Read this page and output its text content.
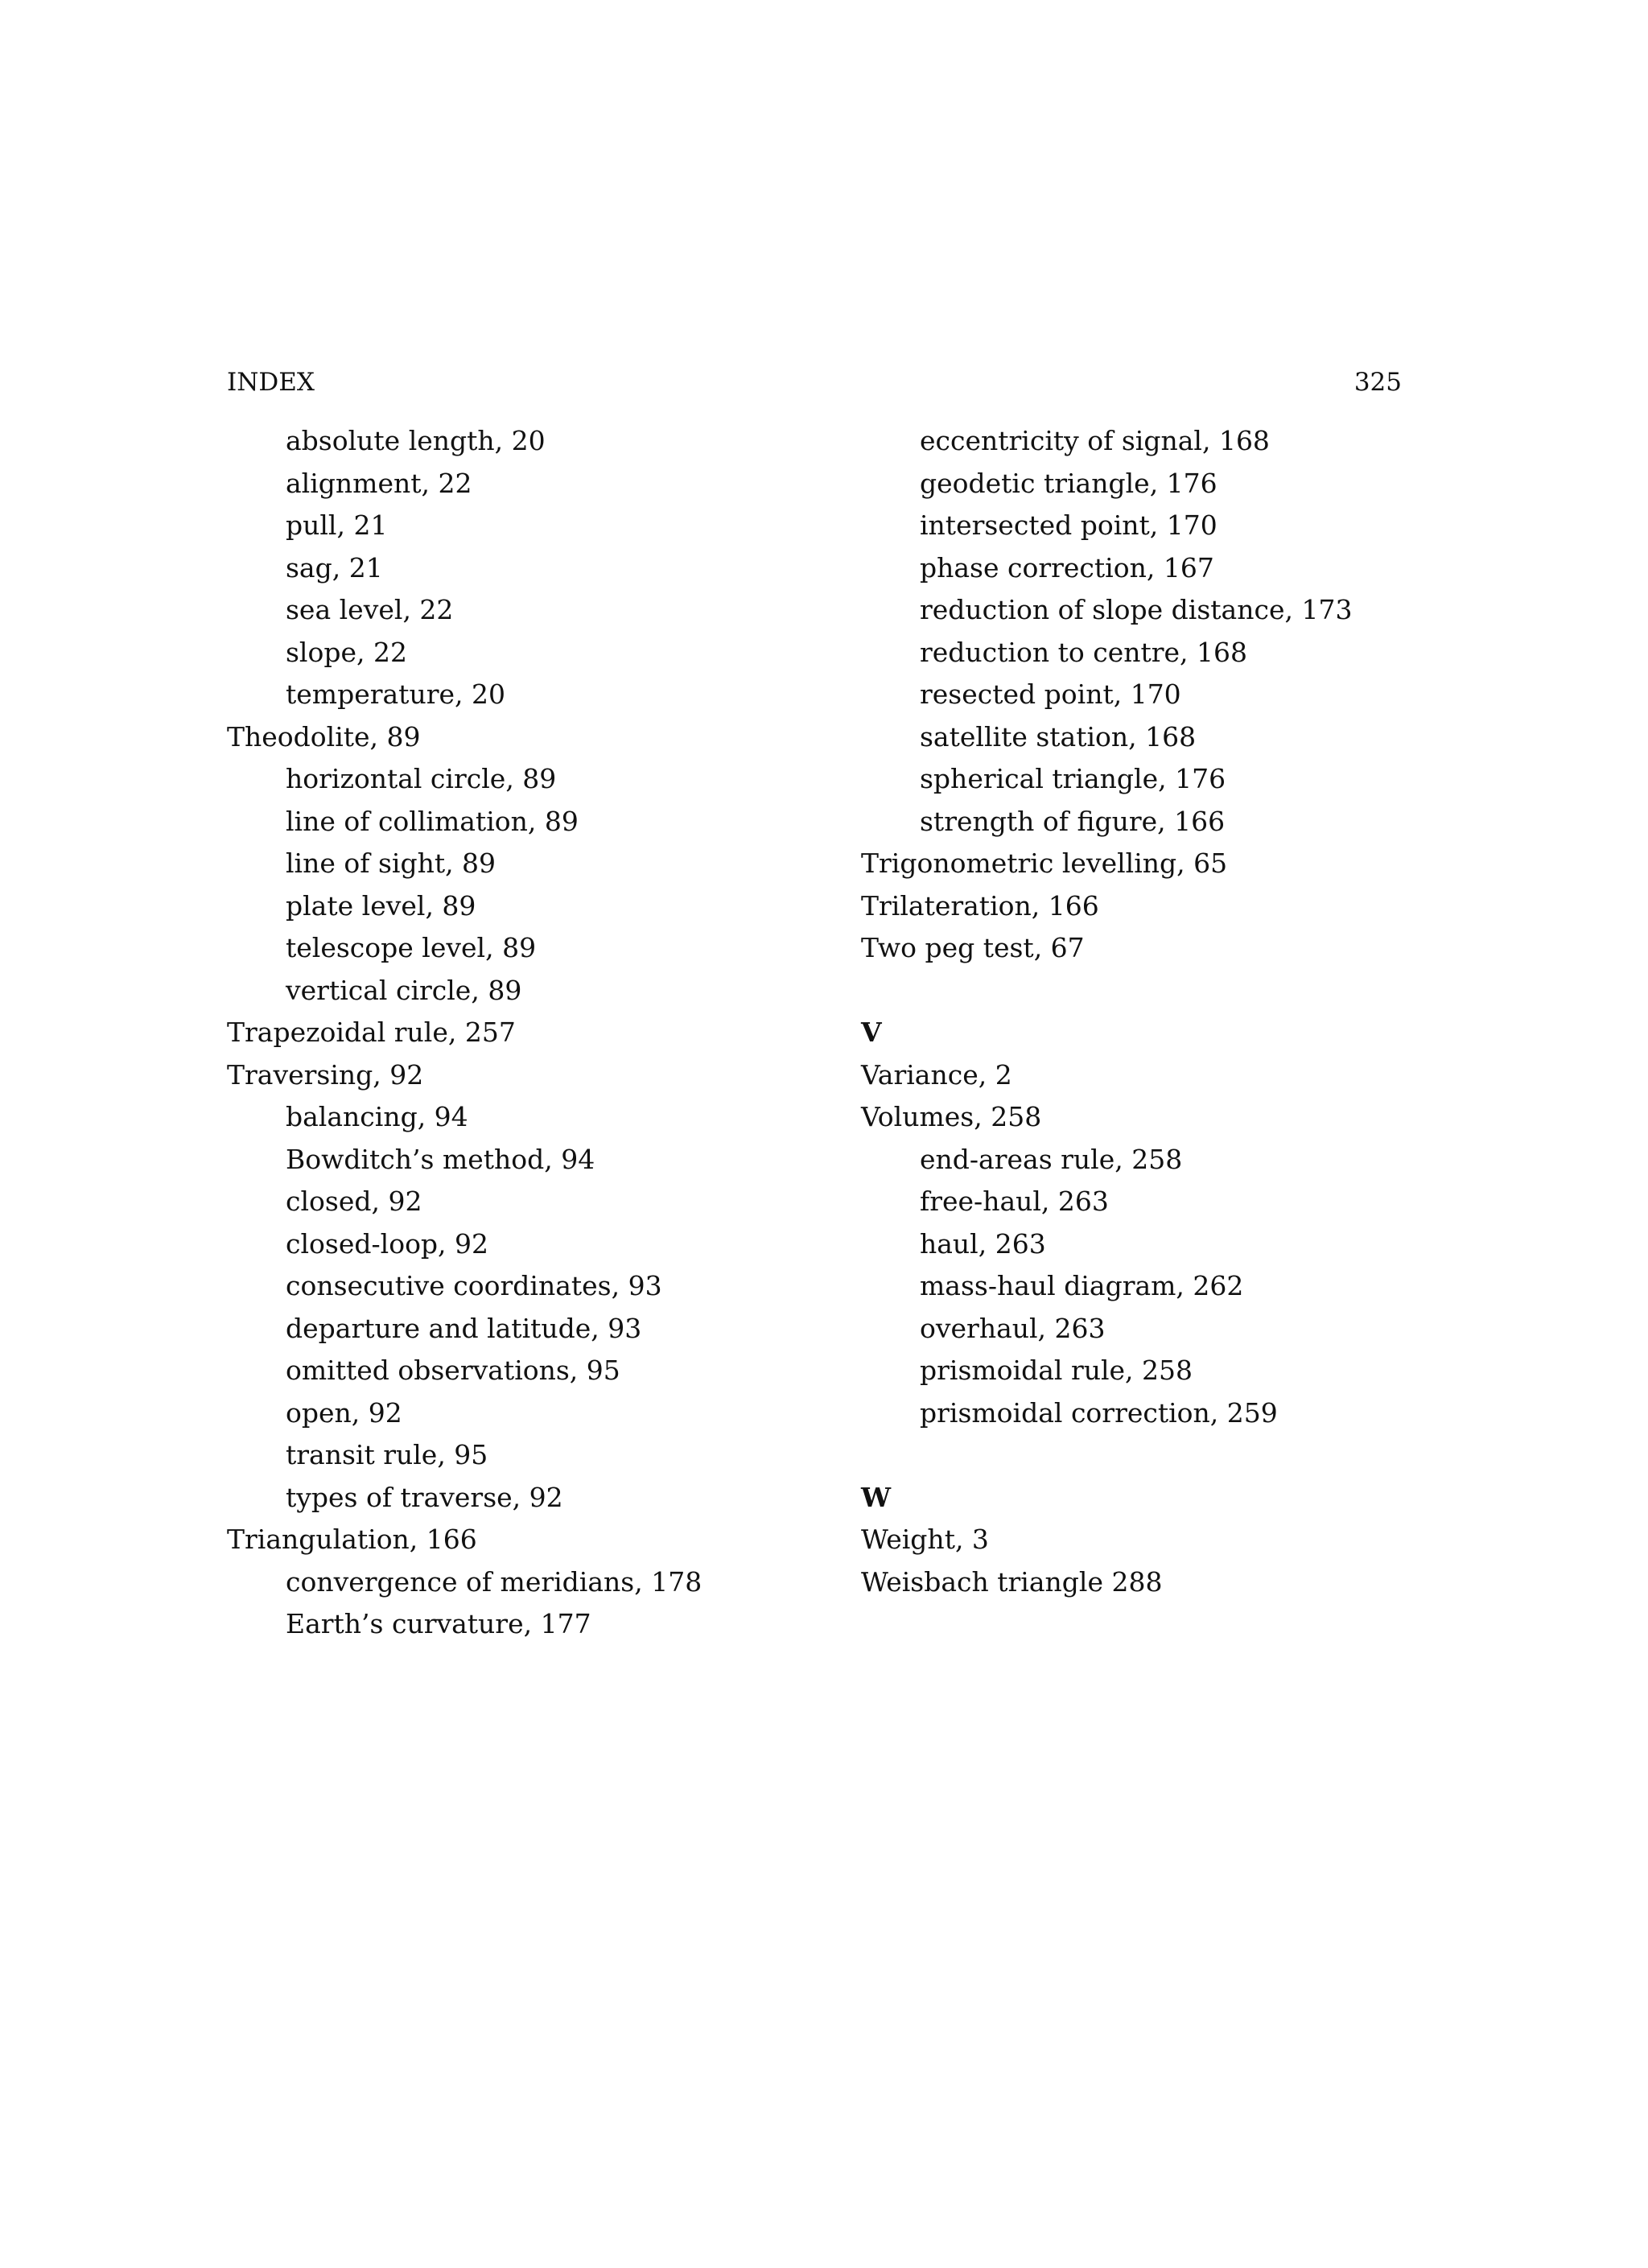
INDEX	325
absolute length, 20
alignment, 22
pull, 21
sag, 21
sea level, 22
slope, 22
temperature, 20
Theodolite, 89
horizontal circle, 89
line of collimation, 89
line of sight, 89
plate level, 89
telescope level, 89
vertical circle, 89
Trapezoidal rule, 257
Traversing, 92
balancing, 94
Bowditch’s method, 94
closed, 92
closed-loop, 92
consecutive coordinates, 93
departure and latitude, 93
omitted observations, 95
open, 92
transit rule, 95
types of traverse, 92
Triangulation, 166
convergence of meridians, 178
Earth’s curvature, 177
eccentricity of signal, 168
geodetic triangle, 176
intersected point, 170
phase correction, 167
reduction of slope distance, 173
reduction to centre, 168
resected point, 170
satellite station, 168
spherical triangle, 176
strength of figure, 166
Trigonometric levelling, 65
Trilateration, 166
Two peg test, 67
V
Variance, 2
Volumes, 258
end-areas rule, 258
free-haul, 263
haul, 263
mass-haul diagram, 262
overhaul, 263
prismoidal rule, 258
prismoidal correction, 259
W
Weight, 3
Weisbach triangle 288
